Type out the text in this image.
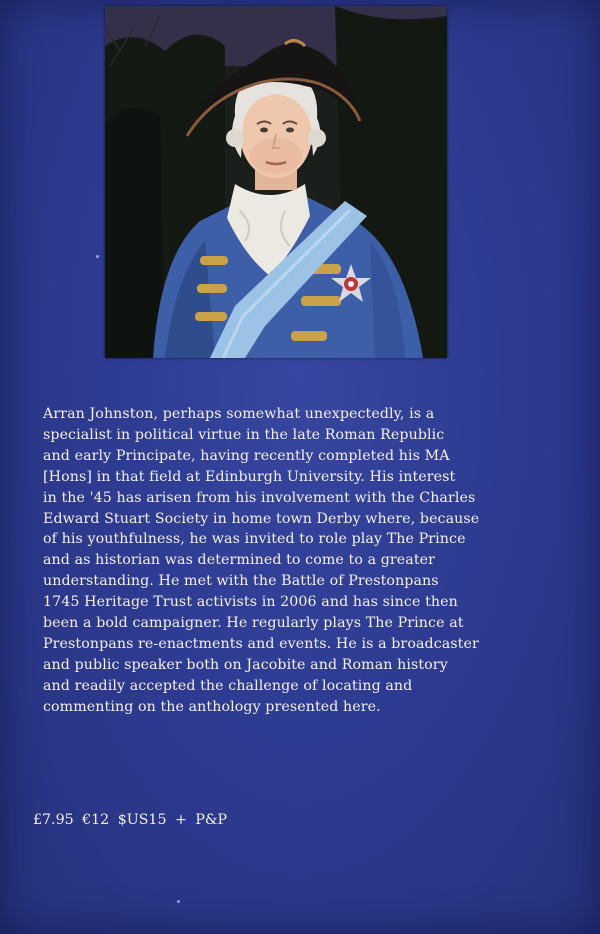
Arran Johnston, perhaps somewhat unexpectedly, is a
specialist in political virtue in the late Roman Republic
and early Principate, having recently completed his MA
[Hons] in that field at Edinburgh University. His interest
in the '45 has arisen from his involvement with the Charles
Edward Stuart Society in home town Derby where, because
of his youthfulness, he was invited to role play The Prince
and as historian was determined to come to a greater
understanding. He met with the Battle of Prestonpans
1745 Heritage Trust activists in 2006 and has since then
been a bold campaigner. He regularly plays The Prince at
Prestonpans re-enactments and events. He is a broadcaster
and public speaker both on Jacobite and Roman history
and readily accepted the challenge of locating and
commenting on the anthology presented here.

£7.95 €12 $US15 + P&P
